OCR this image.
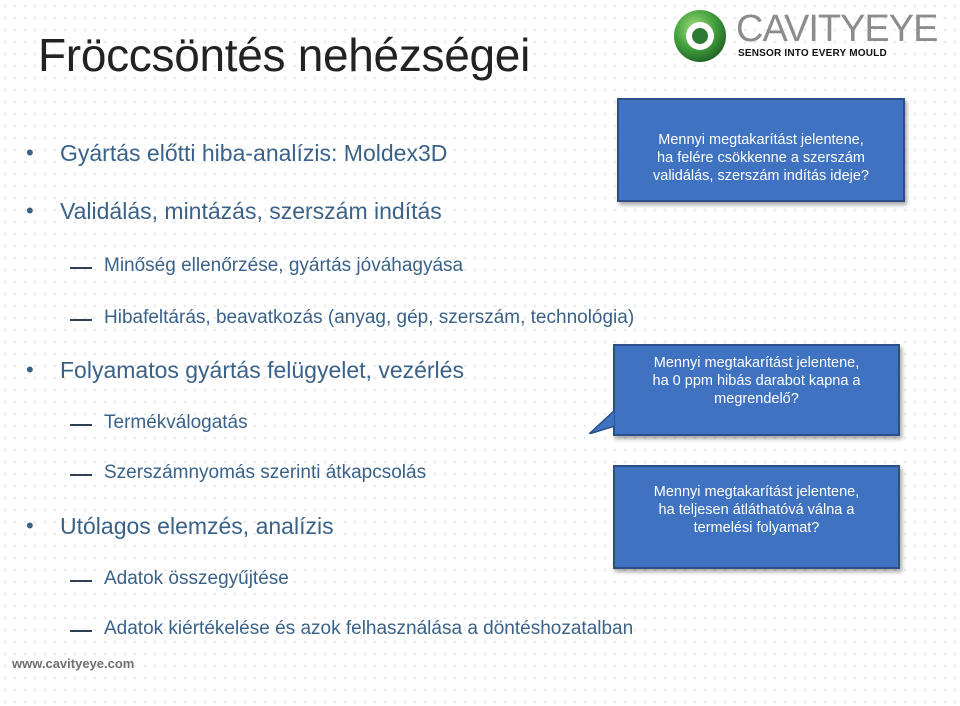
Fröccsöntés nehézségei	CAVITYEYE
SENSOR INTO EVERY MOULD
• Gyártás előtti hiba-analízis: Moldex3D
• Validálás, mintázás, szerszám indítás
Minőség ellenőrzése, gyártás jóváhagyása
Hibafeltárás, beavatkozás (anyag, gép, szerszám, technológia)
• Folyamatos gyártás felügyelet, vezérlés
Termékválogatás
Szerszámnyomás szerinti átkapcsolás
• Utólagos elemzés, analízis
Adatok összegyűjtése
Adatok kiértékelése és azok felhasználása a döntéshozatalban
Mennyi megtakarítást jelentene,
ha felére csökkenne a szerszám
validálás, szerszám indítás ideje?
Mennyi megtakarítást jelentene,
ha 0 ppm hibás darabot kapna a
megrendelő?
Mennyi megtakarítást jelentene,
ha teljesen átláthatóvá válna a
termelési folyamat?
www.cavityeye.com
